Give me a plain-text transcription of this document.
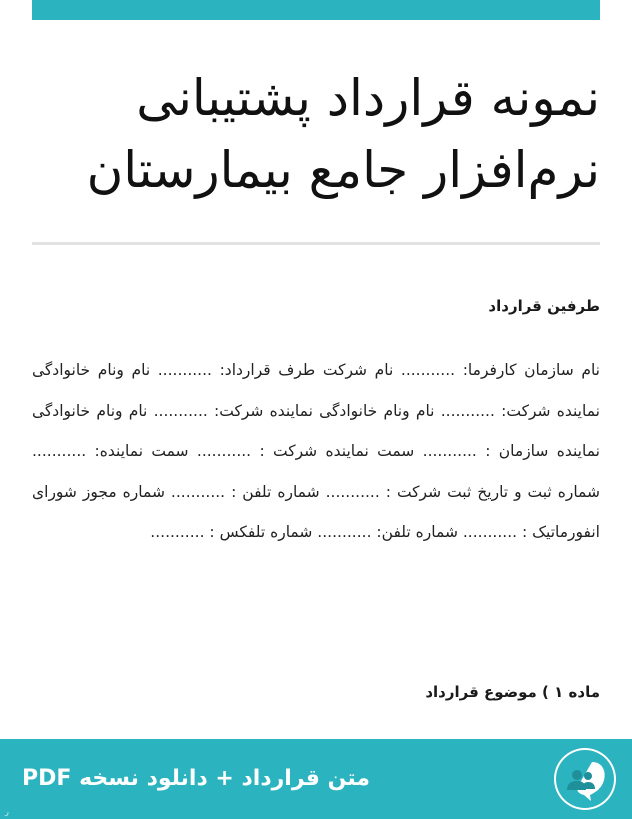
نمونه قرارداد پشتیبانی
نرم‌افزار جامع بیمارستان
طرفین قرارداد

نام سازمان کارفرما: ........... نام شرکت طرف قرارداد: ........... نام ونام خانوادگی نماینده شرکت: ........... نام ونام خانوادگی نماینده شرکت: ........... نام ونام خانوادگی نماینده سازمان : ........... سمت نماینده شرکت : ........... سمت نماینده: ........... شماره ثبت و تاریخ ثبت شرکت : ........... شماره تلفن : ........... شماره مجوز شورای انفورماتیک : ........... شماره تلفن: ........... شماره تلفکس : ...........

ماده ۱ ) موضوع قرارداد
متن قرارداد + دانلود نسخه PDF
ر
